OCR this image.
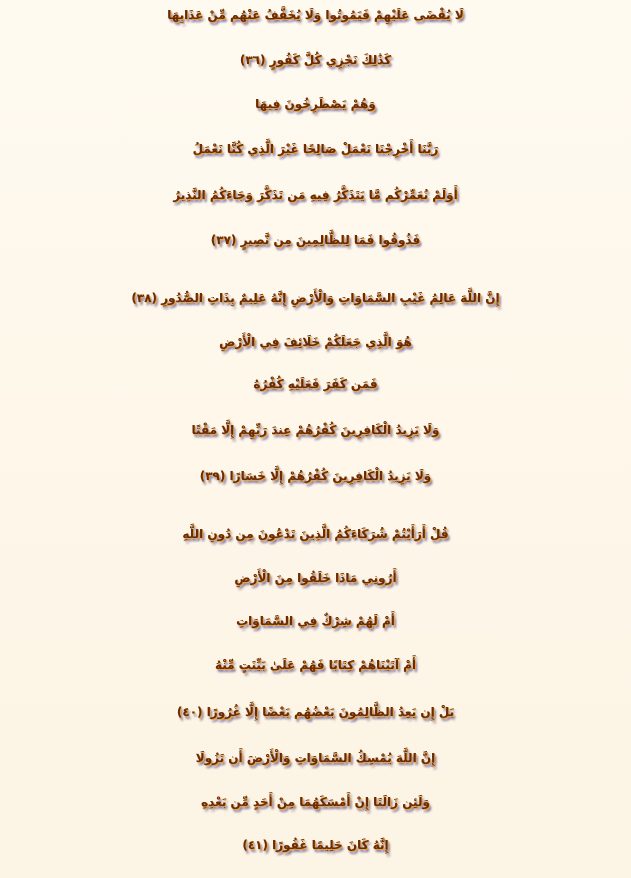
لَا يُقْضَى عَلَيْهِمْ فَيَمُوتُوا وَلَا يُخَفَّفُ عَنْهُم مِّنْ عَذَابِهَا
كَذَٰلِكَ نَجْزِي كُلَّ كَفُورٍ (٣٦)
وَهُمْ يَصْطَرِخُونَ فِيهَا
رَبَّنَا أَخْرِجْنَا نَعْمَلْ صَالِحًا غَيْرَ الَّذِي كُنَّا نَعْمَلُ
أَوَلَمْ نُعَمِّرْكُم مَّا يَتَذَكَّرُ فِيهِ مَن تَذَكَّرَ وَجَاءَكُمُ النَّذِيرُ
فَذُوقُوا فَمَا لِلظَّالِمِينَ مِن نَّصِيرٍ (٣٧)
إِنَّ اللَّهَ عَالِمُ غَيْبِ السَّمَاوَاتِ وَالْأَرْضِ إِنَّهُ عَلِيمٌ بِذَاتِ الصُّدُورِ (٣٨)
هُوَ الَّذِي جَعَلَكُمْ خَلَائِفَ فِي الْأَرْضِ
فَمَن كَفَرَ فَعَلَيْهِ كُفْرُهُ
وَلَا يَزِيدُ الْكَافِرِينَ كُفْرُهُمْ عِندَ رَبِّهِمْ إِلَّا مَقْتًا
وَلَا يَزِيدُ الْكَافِرِينَ كُفْرُهُمْ إِلَّا خَسَارًا (٣٩)
قُلْ أَرَأَيْتُمْ شُرَكَاءَكُمُ الَّذِينَ تَدْعُونَ مِن دُونِ اللَّهِ
أَرُونِي مَاذَا خَلَقُوا مِنَ الْأَرْضِ
أَمْ لَهُمْ شِرْكٌ فِي السَّمَاوَاتِ
أَمْ آتَيْنَاهُمْ كِتَابًا فَهُمْ عَلَىٰ بَيِّنَتٍ مِّنْهُ
بَلْ إِن يَعِدُ الظَّالِمُونَ بَعْضُهُم بَعْضًا إِلَّا غُرُورًا (٤٠)
إِنَّ اللَّهَ يُمْسِكُ السَّمَاوَاتِ وَالْأَرْضَ أَن تَزُولَا
وَلَئِن زَالَتَا إِنْ أَمْسَكَهُمَا مِنْ أَحَدٍ مِّن بَعْدِهِ
إِنَّهُ كَانَ حَلِيمًا غَفُورًا (٤١)
